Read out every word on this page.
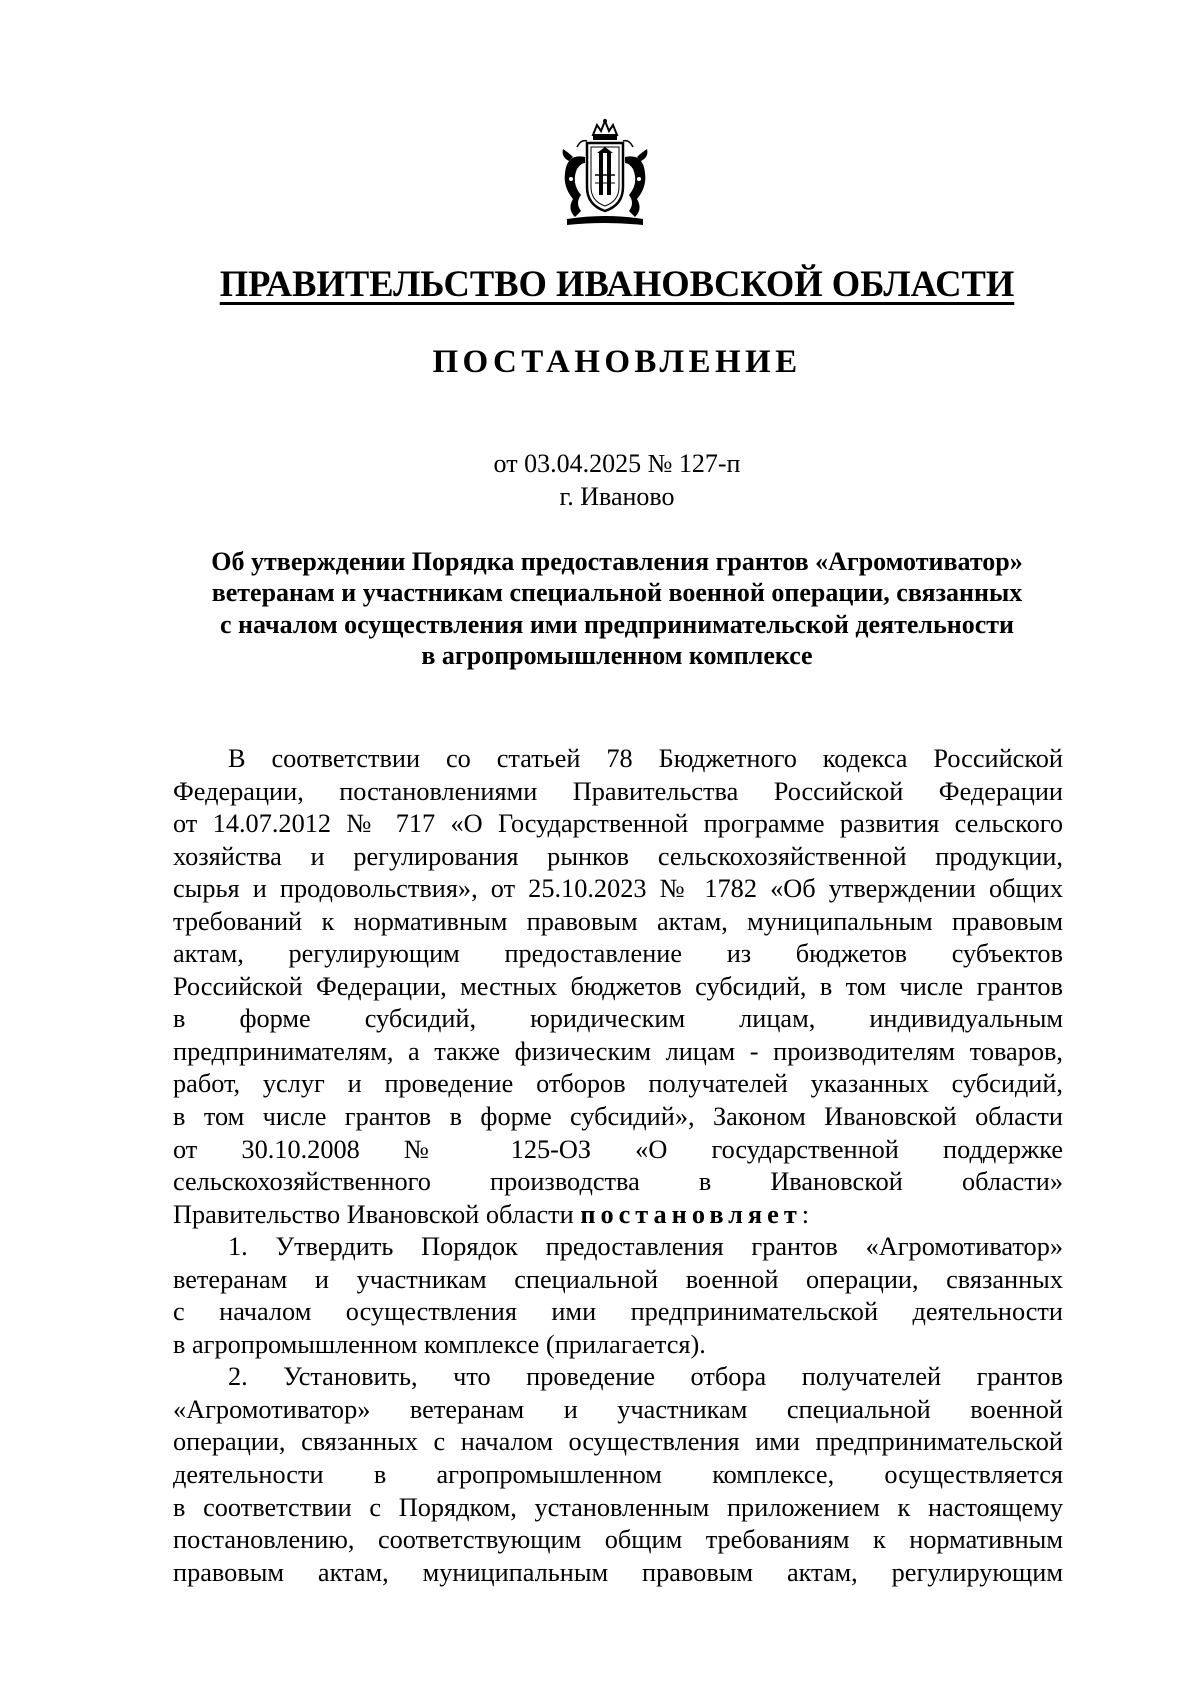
ПРАВИТЕЛЬСТВО ИВАНОВСКОЙ ОБЛАСТИ
ПОСТАНОВЛЕНИЕ
от 03.04.2025 № 127-п
г. Иваново
Об утверждении Порядка предоставления грантов «Агромотиватор»
ветеранам и участникам специальной военной операции, связанных
с началом осуществления ими предпринимательской деятельности
в агропромышленном комплексе
В соответствии со статьей 78 Бюджетного кодекса Российской
Федерации, постановлениями Правительства Российской Федерации
от 14.07.2012 № 717 «О Государственной программе развития сельского
хозяйства и регулирования рынков сельскохозяйственной продукции,
сырья и продовольствия», от 25.10.2023 № 1782 «Об утверждении общих
требований к нормативным правовым актам, муниципальным правовым
актам, регулирующим предоставление из бюджетов субъектов
Российской Федерации, местных бюджетов субсидий, в том числе грантов
в форме субсидий, юридическим лицам, индивидуальным
предпринимателям, а также физическим лицам - производителям товаров,
работ, услуг и проведение отборов получателей указанных субсидий,
в том числе грантов в форме субсидий», Законом Ивановской области
от 30.10.2008 № 125-ОЗ «О государственной поддержке
сельскохозяйственного производства в Ивановской области»
Правительство Ивановской области постановляет:
1. Утвердить Порядок предоставления грантов «Агромотиватор»
ветеранам и участникам специальной военной операции, связанных
с началом осуществления ими предпринимательской деятельности
в агропромышленном комплексе (прилагается).
2. Установить, что проведение отбора получателей грантов
«Агромотиватор» ветеранам и участникам специальной военной
операции, связанных с началом осуществления ими предпринимательской
деятельности в агропромышленном комплексе, осуществляется
в соответствии с Порядком, установленным приложением к настоящему
постановлению, соответствующим общим требованиям к нормативным
правовым актам, муниципальным правовым актам, регулирующим
